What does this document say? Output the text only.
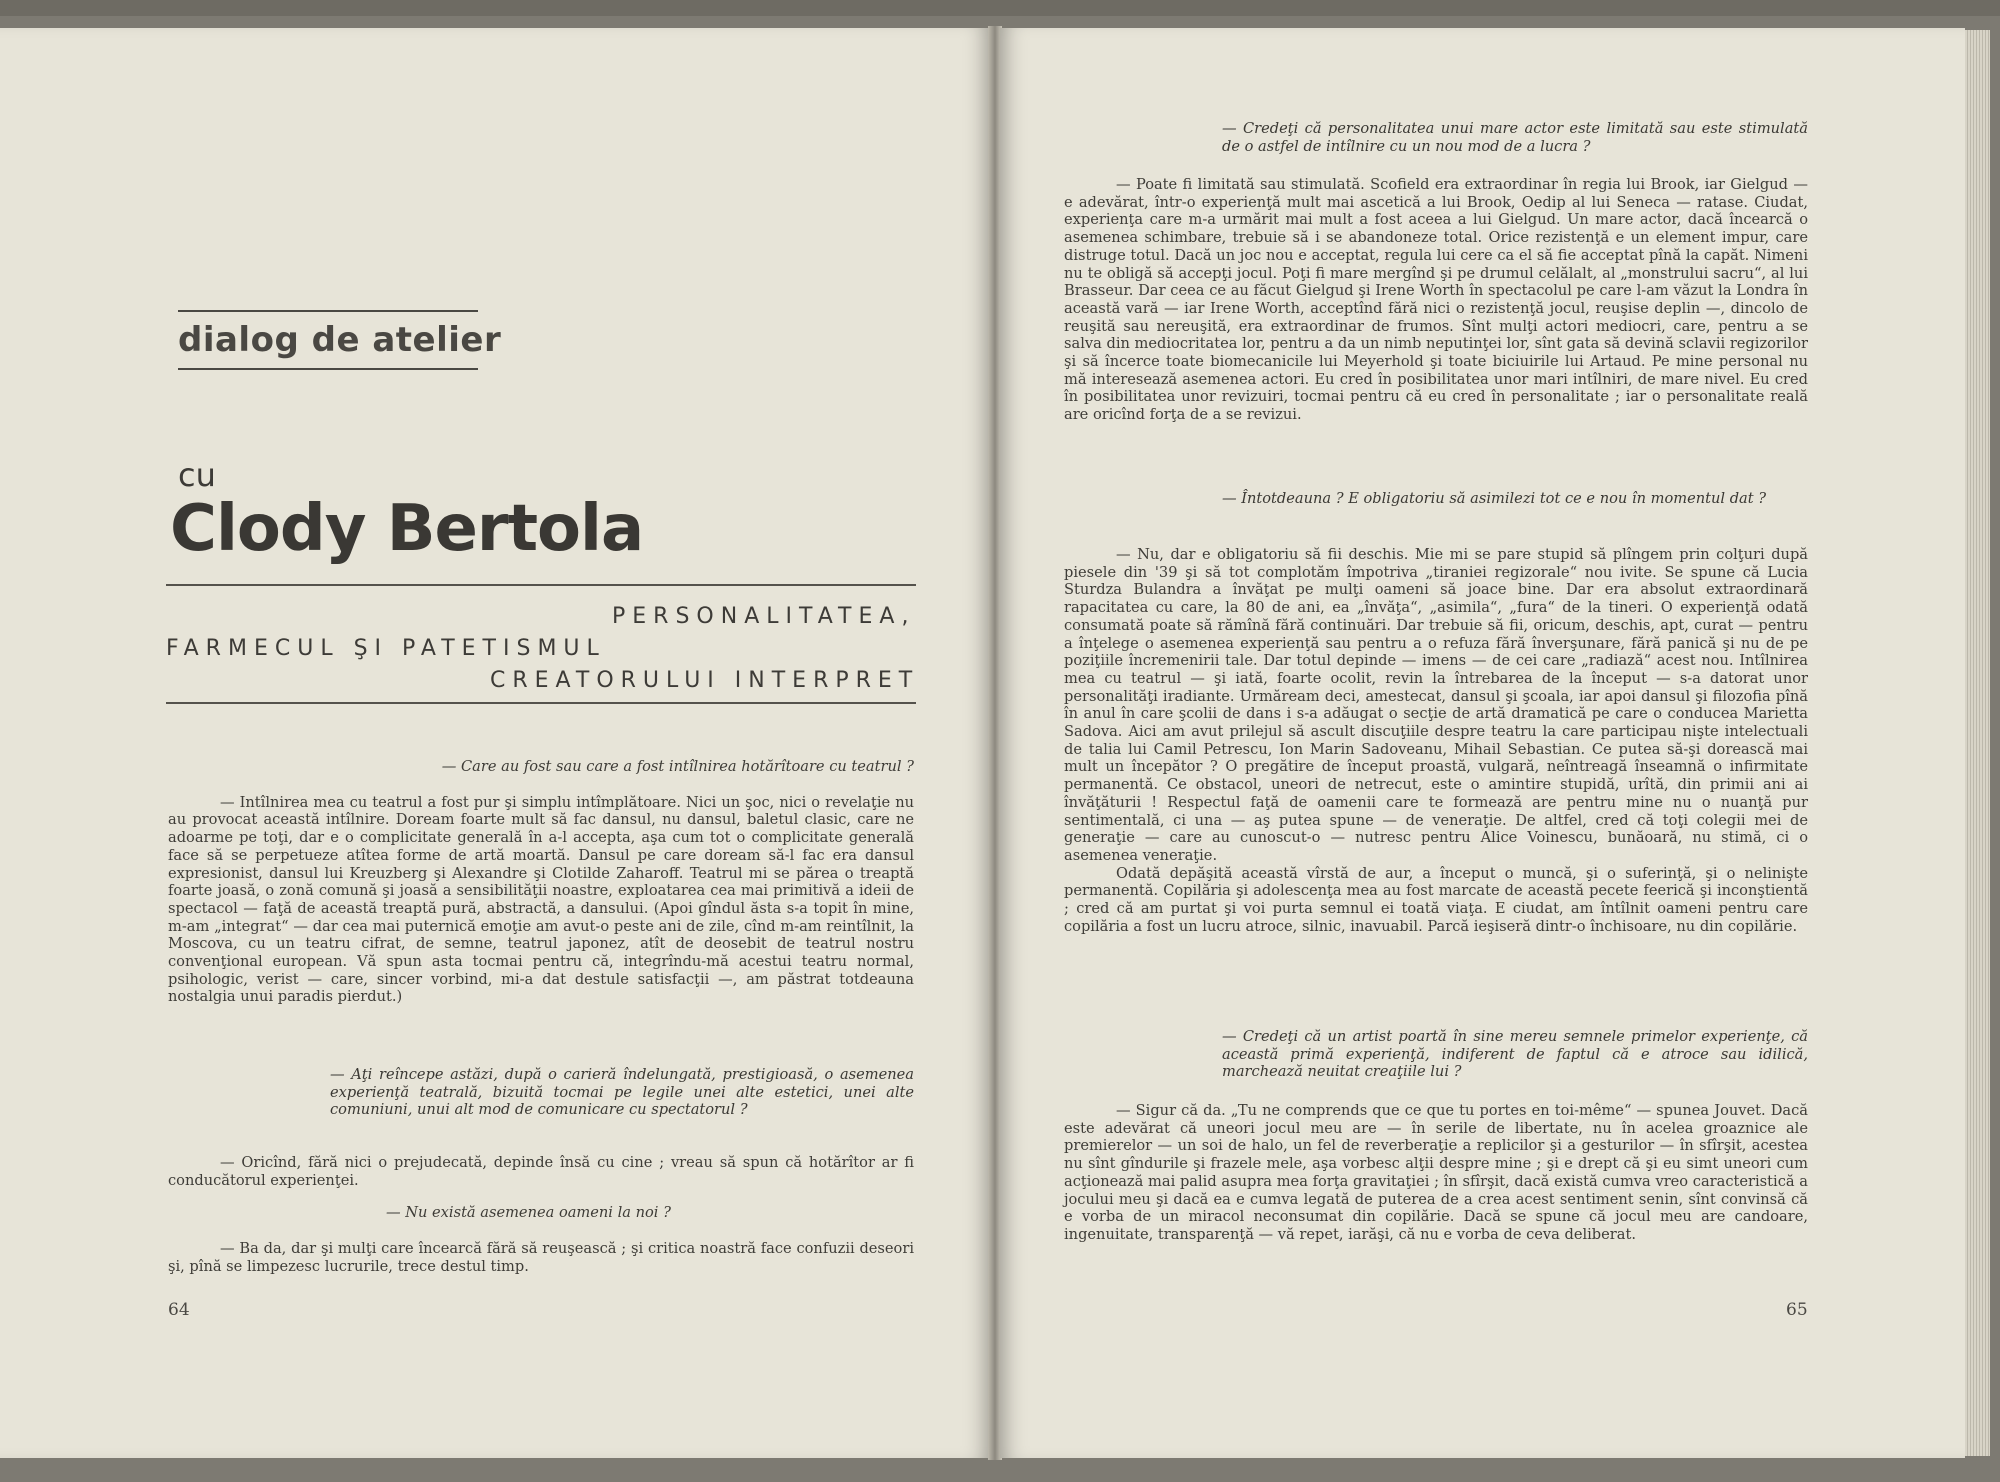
dialog de atelier
cu
Clody Bertola
PERSONALITATEA,
FARMECUL ŞI PATETISMUL
CREATORULUI INTERPRET

— Care au fost sau care a fost intîlnirea hotărîtoare cu teatrul ?

— Intîlnirea mea cu teatrul a fost pur şi simplu intîmplătoare. Nici un şoc, nici o revelaţie nu au provocat această intîlnire. Doream foarte mult să fac dansul, nu dansul, baletul clasic, care ne adoarme pe toţi, dar e o complicitate generală în a-l accepta, aşa cum tot o complicitate generală face să se perpetueze atîtea forme de artă moartă. Dansul pe care doream să-l fac era dansul expresionist, dansul lui Kreuzberg şi Alexandre şi Clotilde Zaharoff. Teatrul mi se părea o treaptă foarte joasă, o zonă comună şi joasă a sensibilităţii noastre, exploatarea cea mai primitivă a ideii de spectacol — faţă de această treaptă pură, abstractă, a dansului. (Apoi gîndul ăsta s-a topit în mine, m-am „integrat“ — dar cea mai puternică emoţie am avut-o peste ani de zile, cînd m-am reintîlnit, la Moscova, cu un teatru cifrat, de semne, teatrul japonez, atît de deosebit de teatrul nostru convenţional european. Vă spun asta tocmai pentru că, integrîndu-mă acestui teatru normal, psihologic, verist — care, sincer vorbind, mi-a dat destule satisfacţii —, am păstrat totdeauna nostalgia unui paradis pierdut.)

— Aţi reîncepe astăzi, după o carieră îndelungată, prestigioasă, o asemenea experienţă teatrală, bizuită tocmai pe legile unei alte estetici, unei alte comuniuni, unui alt mod de comunicare cu spectatorul ?

— Oricînd, fără nici o prejudecată, depinde însă cu cine ; vreau să spun că hotărîtor ar fi conducătorul experienţei.

— Nu există asemenea oameni la noi ?

— Ba da, dar şi mulţi care încearcă fără să reuşească ; şi critica noastră face confuzii deseori şi, pînă se limpezesc lucrurile, trece destul timp.

64
— Credeţi că personalitatea unui mare actor este limitată sau este stimulată de o astfel de intîlnire cu un nou mod de a lucra ?

— Poate fi limitată sau stimulată. Scofield era extraordinar în regia lui Brook, iar Gielgud — e adevărat, într-o experienţă mult mai ascetică a lui Brook, Oedip al lui Seneca — ratase. Ciudat, experienţa care m-a urmărit mai mult a fost aceea a lui Gielgud. Un mare actor, dacă încearcă o asemenea schimbare, trebuie să i se abandoneze total. Orice rezistenţă e un element impur, care distruge totul. Dacă un joc nou e acceptat, regula lui cere ca el să fie acceptat pînă la capăt. Nimeni nu te obligă să accepţi jocul. Poţi fi mare mergînd şi pe drumul celălalt, al „monstrului sacru“, al lui Brasseur. Dar ceea ce au făcut Gielgud şi Irene Worth în spectacolul pe care l-am văzut la Londra în această vară — iar Irene Worth, acceptînd fără nici o rezistenţă jocul, reuşise deplin —, dincolo de reuşită sau nereuşită, era extraordinar de frumos. Sînt mulţi actori mediocri, care, pentru a se salva din mediocritatea lor, pentru a da un nimb neputinţei lor, sînt gata să devină sclavii regizorilor şi să încerce toate biomecanicile lui Meyerhold şi toate biciuirile lui Artaud. Pe mine personal nu mă interesează asemenea actori. Eu cred în posibilitatea unor mari intîlniri, de mare nivel. Eu cred în posibilitatea unor revizuiri, tocmai pentru că eu cred în personalitate ; iar o personalitate reală are oricînd forţa de a se revizui.

— Întotdeauna ? E obligatoriu să asimilezi tot ce e nou în momentul dat ?

— Nu, dar e obligatoriu să fii deschis. Mie mi se pare stupid să plîngem prin colţuri după piesele din '39 şi să tot complotăm împotriva „tiraniei regizorale“ nou ivite. Se spune că Lucia Sturdza Bulandra a învăţat pe mulţi oameni să joace bine. Dar era absolut extraordinară rapacitatea cu care, la 80 de ani, ea „învăţa“, „asimila“, „fura“ de la tineri. O experienţă odată consumată poate să rămînă fără continuări. Dar trebuie să fii, oricum, deschis, apt, curat — pentru a înţelege o asemenea experienţă sau pentru a o refuza fără înverşunare, fără panică şi nu de pe poziţiile încremenirii tale. Dar totul depinde — imens — de cei care „radiază“ acest nou. Intîlnirea mea cu teatrul — şi iată, foarte ocolit, revin la întrebarea de la început — s-a datorat unor personalităţi iradiante. Urmăream deci, amestecat, dansul şi şcoala, iar apoi dansul şi filozofia pînă în anul în care şcolii de dans i s-a adăugat o secţie de artă dramatică pe care o conducea Marietta Sadova. Aici am avut prilejul să ascult discuţiile despre teatru la care participau nişte intelectuali de talia lui Camil Petrescu, Ion Marin Sadoveanu, Mihail Sebastian. Ce putea să-şi dorească mai mult un începător ? O pregătire de început proastă, vulgară, neîntreagă înseamnă o infirmitate permanentă. Ce obstacol, uneori de netrecut, este o amintire stupidă, urîtă, din primii ani ai învăţăturii ! Respectul faţă de oamenii care te formează are pentru mine nu o nuanţă pur sentimentală, ci una — aş putea spune — de veneraţie. De altfel, cred că toţi colegii mei de generaţie — care au cunoscut-o — nutresc pentru Alice Voinescu, bunăoară, nu stimă, ci o asemenea veneraţie.

Odată depăşită această vîrstă de aur, a început o muncă, şi o suferinţă, şi o nelinişte permanentă. Copilăria şi adolescenţa mea au fost marcate de această pecete feerică şi inconştientă ; cred că am purtat şi voi purta semnul ei toată viaţa. E ciudat, am întîlnit oameni pentru care copilăria a fost un lucru atroce, silnic, inavuabil. Parcă ieşiseră dintr-o închisoare, nu din copilărie.

— Credeţi că un artist poartă în sine mereu semnele primelor experienţe, că această primă experienţă, indiferent de faptul că e atroce sau idilică, marchează neuitat creaţiile lui ?

— Sigur că da. „Tu ne comprends que ce que tu portes en toi-même“ — spunea Jouvet. Dacă este adevărat că uneori jocul meu are — în serile de libertate, nu în acelea groaznice ale premierelor — un soi de halo, un fel de reverberaţie a replicilor şi a gesturilor — în sfîrşit, acestea nu sînt gîndurile şi frazele mele, aşa vorbesc alţii despre mine ; şi e drept că şi eu simt uneori cum acţionează mai palid asupra mea forţa gravitaţiei ; în sfîrşit, dacă există cumva vreo caracteristică a jocului meu şi dacă ea e cumva legată de puterea de a crea acest sentiment senin, sînt convinsă că e vorba de un miracol neconsumat din copilărie. Dacă se spune că jocul meu are candoare, ingenuitate, transparenţă — vă repet, iarăşi, că nu e vorba de ceva deliberat.

65
